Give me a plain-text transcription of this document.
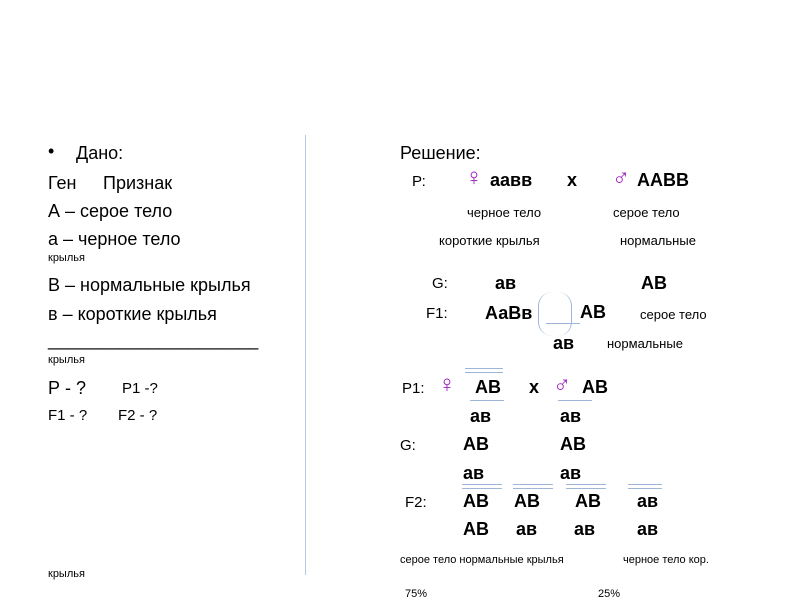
• Дано:
Ген Признак
А – серое тело
а – черное тело
крылья
В – нормальные крылья
в – короткие крылья
_____________________
крылья
Р - ? Р1 -?
F1 - ? F2 - ?
крылья
Решение:
Р: ♀ аавв х ♂ ААВВ
черное тело	серое тело
короткие крылья	нормальные
G:	ав	АВ
F1: АаВв	АВ	серое тело
ав	нормальные
Р1: ♀ АВ х ♂ АВ
ав	ав
G:	АВ	АВ
ав	ав
F2: АВ АВ АВ ав
АВ ав ав ав
серое тело нормальные крылья	черное тело кор.
75%	25%
